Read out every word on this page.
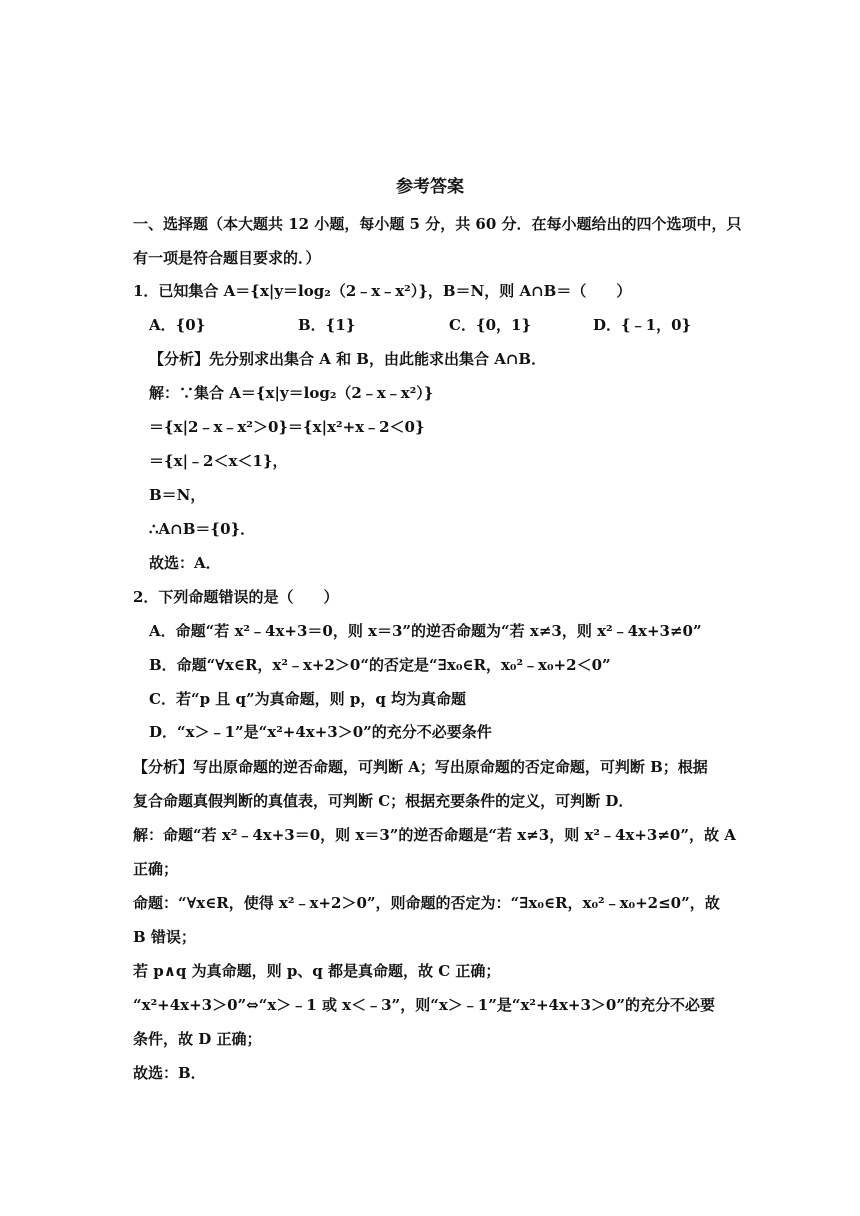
参考答案
一、选择题（本大题共 12 小题，每小题 5 分，共 60 分．在每小题给出的四个选项中，只
有一项是符合题目要求的．）
1．已知集合 A＝{x|y＝log₂（2﹣x﹣x²）}，B＝N，则 A∩B＝（　　）
A．{0}	B．{1}	C．{0，1}	D．{﹣1，0}
【分析】先分别求出集合 A 和 B，由此能求出集合 A∩B．
解：∵集合 A＝{x|y＝log₂（2﹣x﹣x²）}
＝{x|2﹣x﹣x²＞0}＝{x|x²+x﹣2＜0}
＝{x|﹣2＜x＜1}，
B＝N，
∴A∩B＝{0}．
故选：A．
2．下列命题错误的是（　　）
A．命题“若 x²﹣4x+3＝0，则 x＝3”的逆否命题为“若 x≠3，则 x²﹣4x+3≠0”
B．命题“∀x∈R，x²﹣x+2＞0“的否定是“∃x₀∈R，x₀²﹣x₀+2＜0”
C．若“p 且 q”为真命题，则 p，q 均为真命题
D．“x＞﹣1”是“x²+4x+3＞0”的充分不必要条件
【分析】写出原命题的逆否命题，可判断 A；写出原命题的否定命题，可判断 B；根据
复合命题真假判断的真值表，可判断 C；根据充要条件的定义，可判断 D．
解：命题“若 x²﹣4x+3＝0，则 x＝3”的逆否命题是“若 x≠3，则 x²﹣4x+3≠0”，故 A
正确；
命题：“∀x∈R，使得 x²﹣x+2＞0”，则命题的否定为：“∃x₀∈R，x₀²﹣x₀+2≤0”，故
B 错误；
若 p∧q 为真命题，则 p、q 都是真命题，故 C 正确；
“x²+4x+3＞0”⇔“x＞﹣1 或 x＜﹣3”，则“x＞﹣1”是“x²+4x+3＞0”的充分不必要
条件，故 D 正确；
故选：B．
